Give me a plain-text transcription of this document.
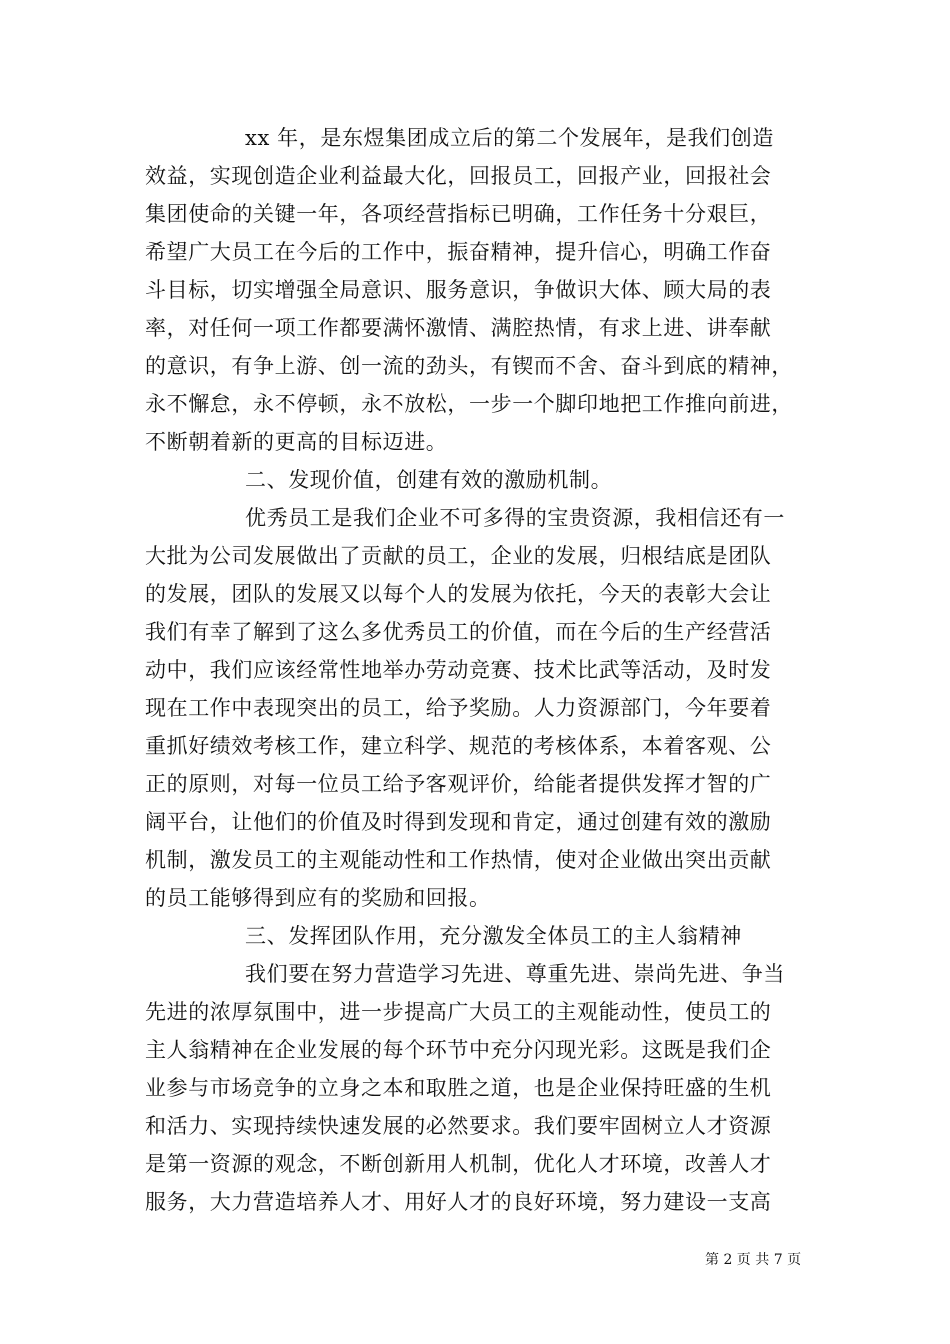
xx 年，是东煜集团成立后的第二个发展年，是我们创造
效益，实现创造企业利益最大化，回报员工，回报产业，回报社会
集团使命的关键一年，各项经营指标已明确，工作任务十分艰巨，
希望广大员工在今后的工作中，振奋精神，提升信心，明确工作奋
斗目标，切实增强全局意识、服务意识，争做识大体、顾大局的表
率，对任何一项工作都要满怀激情、满腔热情，有求上进、讲奉献
的意识，有争上游、创一流的劲头，有锲而不舍、奋斗到底的精神，
永不懈怠，永不停顿，永不放松，一步一个脚印地把工作推向前进，
不断朝着新的更高的目标迈进。
二、发现价值，创建有效的激励机制。
优秀员工是我们企业不可多得的宝贵资源，我相信还有一
大批为公司发展做出了贡献的员工，企业的发展，归根结底是团队
的发展，团队的发展又以每个人的发展为依托，今天的表彰大会让
我们有幸了解到了这么多优秀员工的价值，而在今后的生产经营活
动中，我们应该经常性地举办劳动竞赛、技术比武等活动，及时发
现在工作中表现突出的员工，给予奖励。人力资源部门，今年要着
重抓好绩效考核工作，建立科学、规范的考核体系，本着客观、公
正的原则，对每一位员工给予客观评价，给能者提供发挥才智的广
阔平台，让他们的价值及时得到发现和肯定，通过创建有效的激励
机制，激发员工的主观能动性和工作热情，使对企业做出突出贡献
的员工能够得到应有的奖励和回报。
三、发挥团队作用，充分激发全体员工的主人翁精神
我们要在努力营造学习先进、尊重先进、崇尚先进、争当
先进的浓厚氛围中，进一步提高广大员工的主观能动性，使员工的
主人翁精神在企业发展的每个环节中充分闪现光彩。这既是我们企
业参与市场竞争的立身之本和取胜之道，也是企业保持旺盛的生机
和活力、实现持续快速发展的必然要求。我们要牢固树立人才资源
是第一资源的观念，不断创新用人机制，优化人才环境，改善人才
服务，大力营造培养人才、用好人才的良好环境，努力建设一支高
第 2 页 共 7 页
